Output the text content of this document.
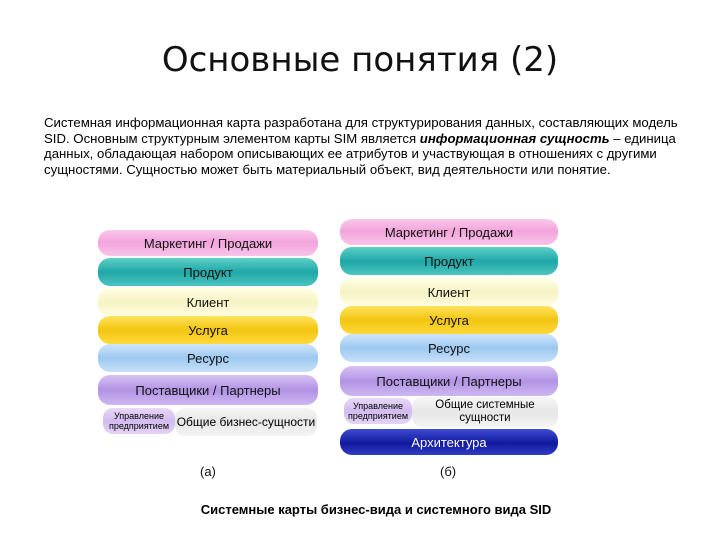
Основные понятия (2)
Системная информационная карта разработана для структурирования данных, составляющих модель SID. Основным структурным элементом карты SIM является информационная сущность – единица данных, обладающая набором описывающих ее атрибутов и участвующая в отношениях с другими сущностями. Сущностью может быть материальный объект, вид деятельности или понятие.
Маркетинг / Продажи
Продукт
Клиент
Услуга
Ресурс
Поставщики / Партнеры
Управление предприятием Общие бизнес-сущности
(а)
Маркетинг / Продажи
Продукт
Клиент
Услуга
Ресурс
Поставщики / Партнеры
Управление предприятием
Общие системные сущности
Архитектура
(б)
Системные карты бизнес-вида и системного вида SID
